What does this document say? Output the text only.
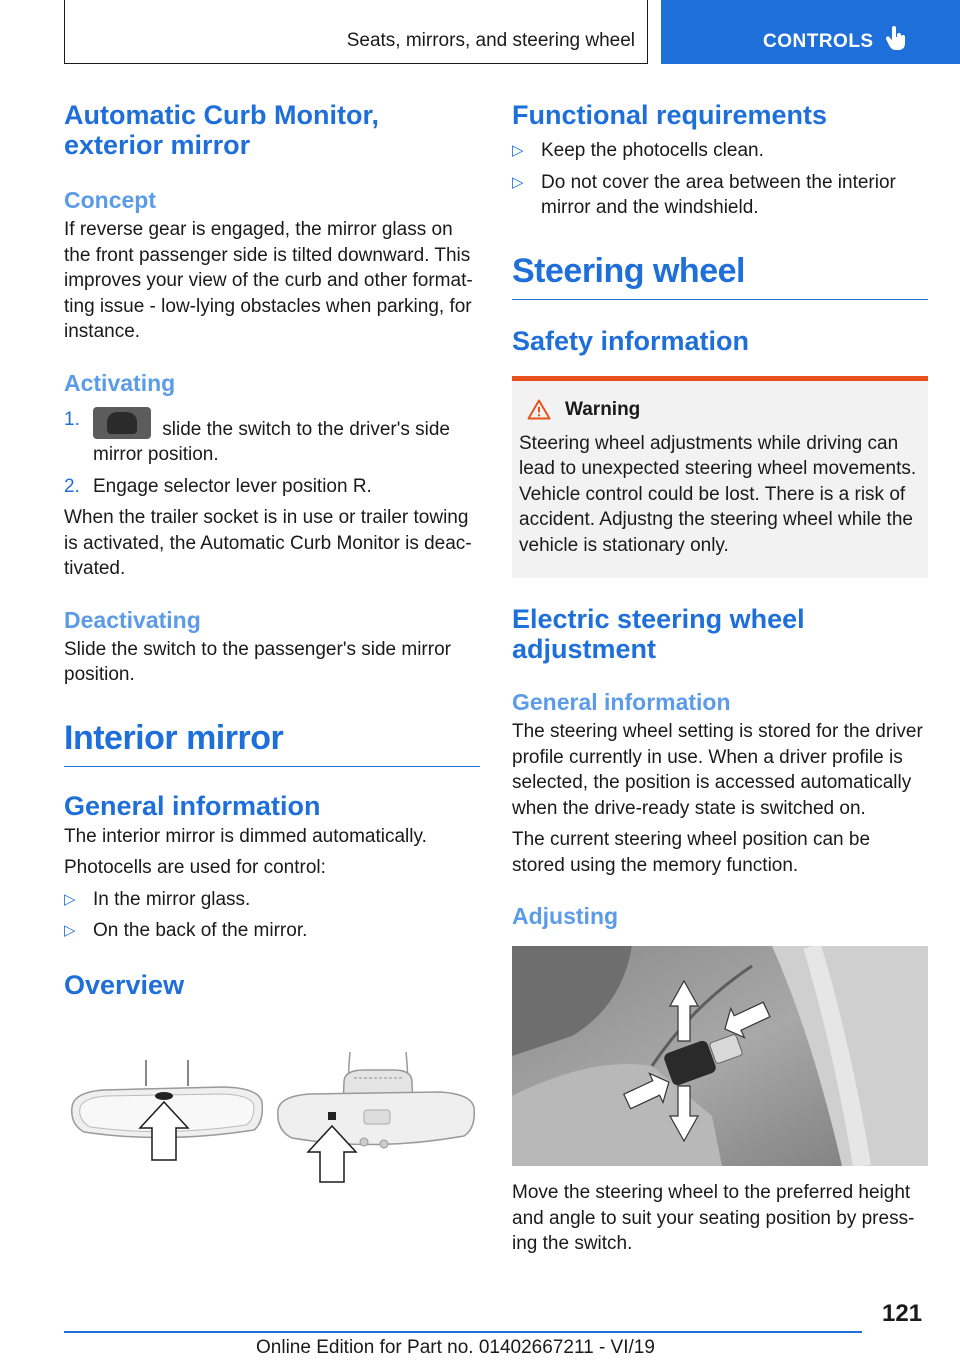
Seats, mirrors, and steering wheel	CONTROLS
Automatic Curb Monitor, exterior mirror
Concept

If reverse gear is engaged, the mirror glass on the front passenger side is tilted downward. This improves your view of the curb and other format‐ting issue - low-lying obstacles when parking, for instance.

Activating
1.	slide the switch to the driver's side mirror position.
2. Engage selector lever position R.

When the trailer socket is in use or trailer towing is activated, the Automatic Curb Monitor is deac‐tivated.

Deactivating

Slide the switch to the passenger's side mirror position.

Interior mirror
General information

The interior mirror is dimmed automatically.

Photocells are used for control:

▷ In the mirror glass.
▷ On the back of the mirror.
Overview
Functional requirements
▷ Keep the photocells clean.
▷ Do not cover the area between the interior mirror and the windshield.
Steering wheel
Safety information
Warning

Steering wheel adjustments while driving can lead to unexpected steering wheel movements. Vehicle control could be lost. There is a risk of accident. Adjustng the steering wheel while the vehicle is stationary only.

Electric steering wheel adjustment
General information

The steering wheel setting is stored for the driver profile currently in use. When a driver profile is selected, the position is accessed automatically when the drive-ready state is switched on.

The current steering wheel position can be stored using the memory function.

Adjusting

Move the steering wheel to the preferred height and angle to suit your seating position by press‐ing the switch.

121
Online Edition for Part no. 01402667211 - VI/19
